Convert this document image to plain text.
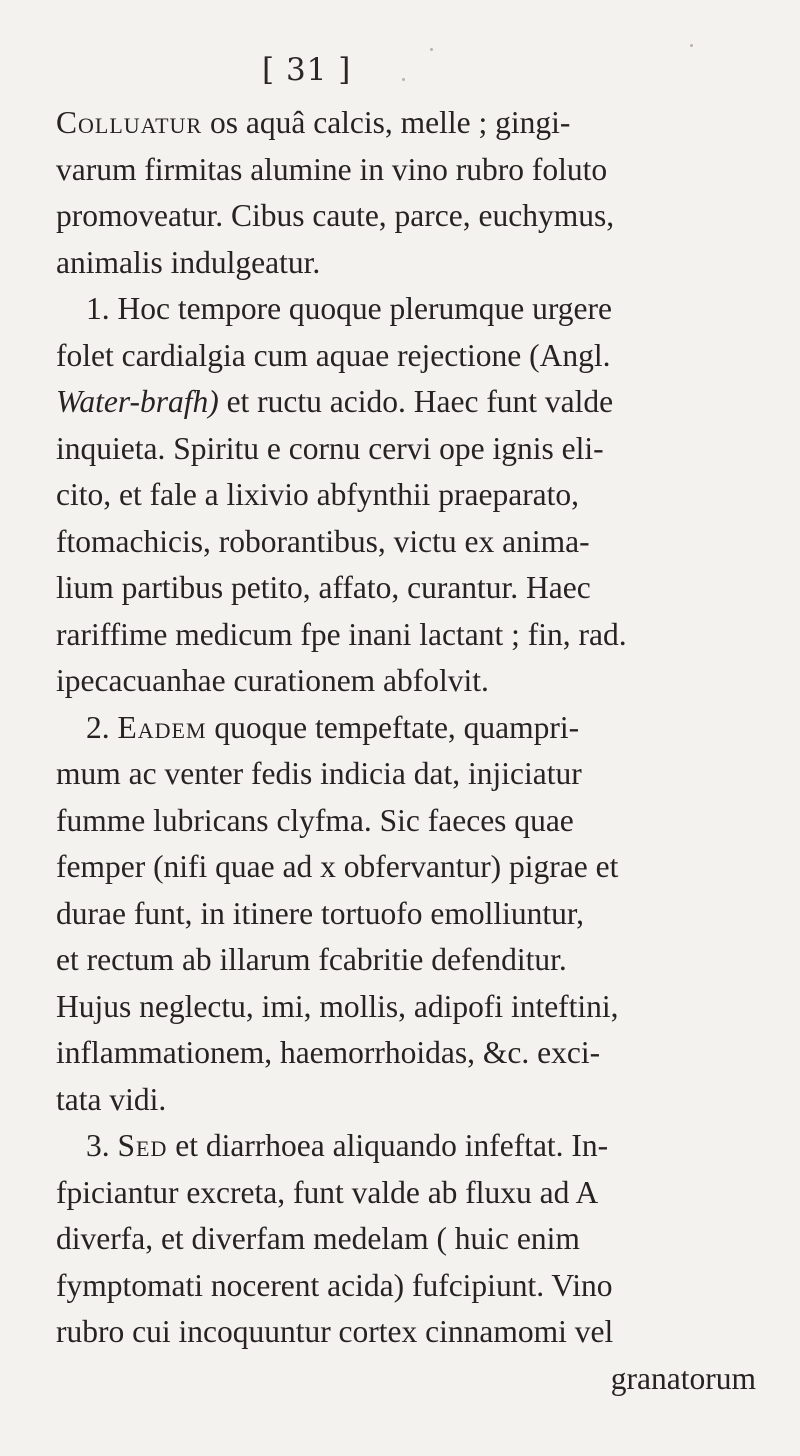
[ 31 ]
Colluatur os aquâ calcis, melle ; gingi-
varum firmitas alumine in vino rubro foluto
promoveatur. Cibus caute, parce, euchymus,
animalis indulgeatur.
1. Hoc tempore quoque plerumque urgere
folet cardialgia cum aquae rejectione (Angl.
Water-brafh) et ructu acido. Haec funt valde
inquieta. Spiritu e cornu cervi ope ignis eli-
cito, et fale a lixivio abfynthii praeparato,
ftomachicis, roborantibus, victu ex anima-
lium partibus petito, affato, curantur. Haec
rariffime medicum fpe inani lactant ; fin, rad.
ipecacuanhae curationem abfolvit.
2. Eadem quoque tempeftate, quampri-
mum ac venter fedis indicia dat, injiciatur
fumme lubricans clyfma. Sic faeces quae
femper (nifi quae ad x obfervantur) pigrae et
durae funt, in itinere tortuofo emolliuntur,
et rectum ab illarum fcabritie defenditur.
Hujus neglectu, imi, mollis, adipofi inteftini,
inflammationem, haemorrhoidas, &c. exci-
tata vidi.
3. Sed et diarrhoea aliquando infeftat. In-
fpiciantur excreta, funt valde ab fluxu ad A
diverfa, et diverfam medelam ( huic enim
fymptomati nocerent acida) fufcipiunt. Vino
rubro cui incoquuntur cortex cinnamomi vel
granatorum
